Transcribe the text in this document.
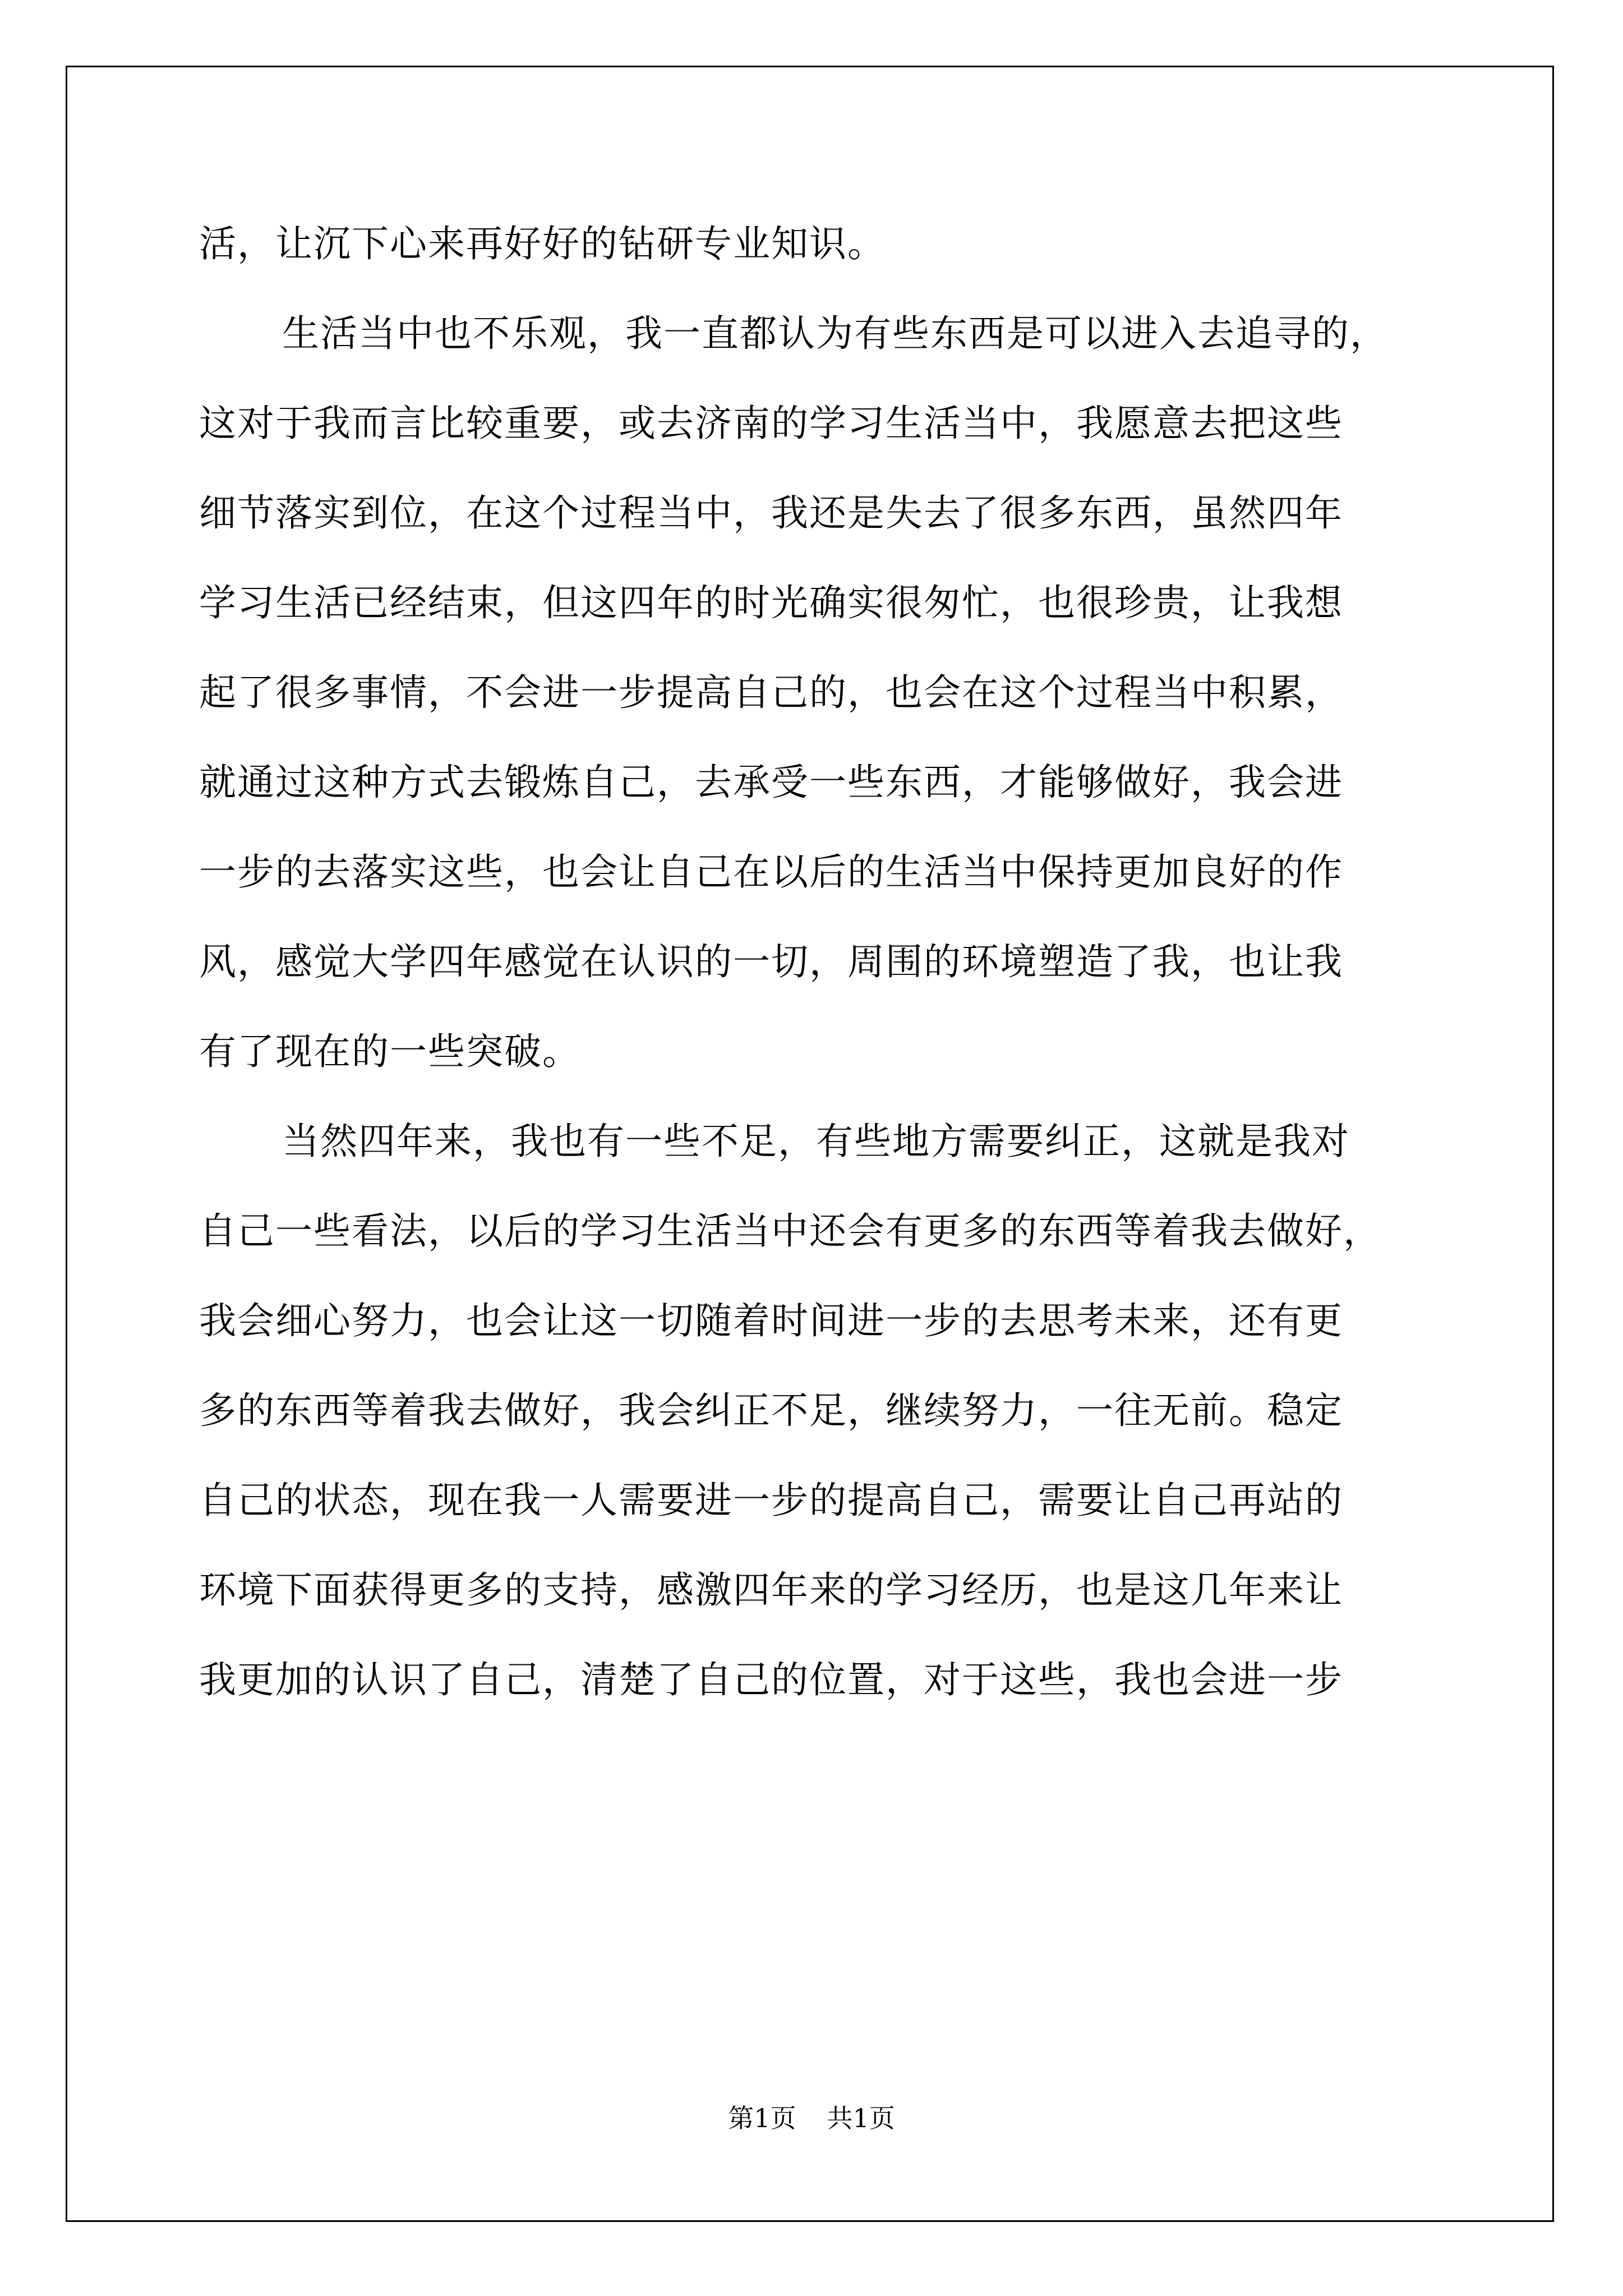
活，让沉下心来再好好的钻研专业知识。
生活当中也不乐观，我一直都认为有些东西是可以进入去追寻的，
这对于我而言比较重要，或去济南的学习生活当中，我愿意去把这些
细节落实到位，在这个过程当中，我还是失去了很多东西，虽然四年
学习生活已经结束，但这四年的时光确实很匆忙，也很珍贵，让我想
起了很多事情，不会进一步提高自己的，也会在这个过程当中积累，
就通过这种方式去锻炼自己，去承受一些东西，才能够做好，我会进
一步的去落实这些，也会让自己在以后的生活当中保持更加良好的作
风，感觉大学四年感觉在认识的一切，周围的环境塑造了我，也让我
有了现在的一些突破。
当然四年来，我也有一些不足，有些地方需要纠正，这就是我对
自己一些看法，以后的学习生活当中还会有更多的东西等着我去做好，
我会细心努力，也会让这一切随着时间进一步的去思考未来，还有更
多的东西等着我去做好，我会纠正不足，继续努力，一往无前。稳定
自己的状态，现在我一人需要进一步的提高自己，需要让自己再站的
环境下面获得更多的支持，感激四年来的学习经历，也是这几年来让
我更加的认识了自己，清楚了自己的位置，对于这些，我也会进一步
第1页 共1页
